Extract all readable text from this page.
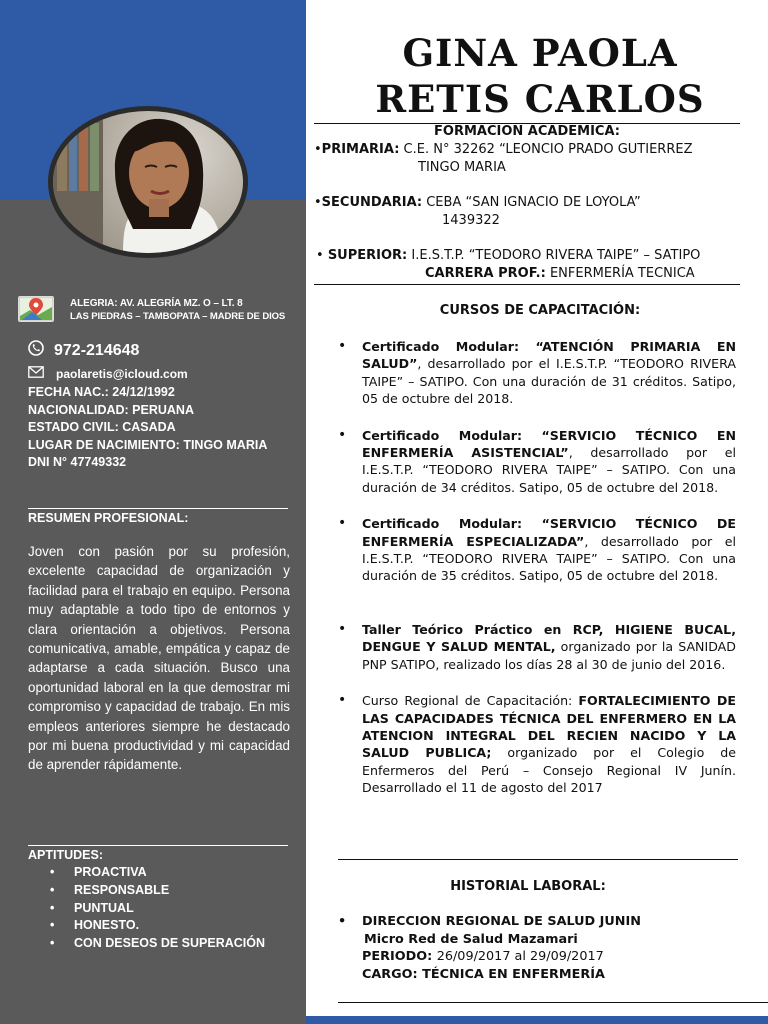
ALEGRIA: AV. ALEGRÍA MZ. O – LT. 8
LAS PIEDRAS – TAMBOPATA – MADRE DE DIOS
972-214648
paolaretis@icloud.com
FECHA NAC.: 24/12/1992
NACIONALIDAD: PERUANA
ESTADO CIVIL: CASADA
LUGAR DE NACIMIENTO: TINGO MARIA
DNI N° 47749332
RESUMEN PROFESIONAL:

Joven con pasión por su profesión, excelente capacidad de organización y facilidad para el trabajo en equipo. Persona muy adaptable a todo tipo de entornos y clara orientación a objetivos. Persona comunicativa, amable, empática y capaz de adaptarse a cada situación. Busco una oportunidad laboral en la que demostrar mi compromiso y capacidad de trabajo. En mis empleos anteriores siempre he destacado por mi buena productividad y mi capacidad de aprender rápidamente.

APTITUDES:
• PROACTIVA
• RESPONSABLE
• PUNTUAL
• HONESTO.
• CON DESEOS DE SUPERACIÓN
GINA PAOLA
RETIS CARLOS
FORMACION ACADEMICA:
•PRIMARIA: C.E. N° 32262 “LEONCIO PRADO GUTIERREZ
TINGO MARIA
•SECUNDARIA: CEBA “SAN IGNACIO DE LOYOLA”
1439322
• SUPERIOR: I.E.S.T.P. “TEODORO RIVERA TAIPE” – SATIPO
CARRERA PROF.: ENFERMERÍA TECNICA
CURSOS DE CAPACITACIÓN:
• Certificado Modular: “ATENCIÓN PRIMARIA EN SALUD”, desarrollado por el I.E.S.T.P. “TEODORO RIVERA TAIPE” – SATIPO. Con una duración de 31 créditos. Satipo, 05 de octubre del 2018.
• Certificado Modular: “SERVICIO TÉCNICO EN ENFERMERÍA ASISTENCIAL”, desarrollado por el I.E.S.T.P. “TEODORO RIVERA TAIPE” – SATIPO. Con una duración de 34 créditos. Satipo, 05 de octubre del 2018.
• Certificado Modular: “SERVICIO TÉCNICO DE ENFERMERÍA ESPECIALIZADA”, desarrollado por el I.E.S.T.P. “TEODORO RIVERA TAIPE” – SATIPO. Con una duración de 35 créditos. Satipo, 05 de octubre del 2018.
• Taller Teórico Práctico en RCP, HIGIENE BUCAL, DENGUE Y SALUD MENTAL, organizado por la SANIDAD PNP SATIPO, realizado los días 28 al 30 de junio del 2016.
• Curso Regional de Capacitación: FORTALECIMIENTO DE LAS CAPACIDADES TÉCNICA DEL ENFERMERO EN LA ATENCION INTEGRAL DEL RECIEN NACIDO Y LA SALUD PUBLICA; organizado por el Colegio de Enfermeros del Perú – Consejo Regional IV Junín. Desarrollado el 11 de agosto del 2017
HISTORIAL LABORAL:
• DIRECCION REGIONAL DE SALUD JUNIN
Micro Red de Salud Mazamari
PERIODO: 26/09/2017 al 29/09/2017
CARGO: TÉCNICA EN ENFERMERÍA
